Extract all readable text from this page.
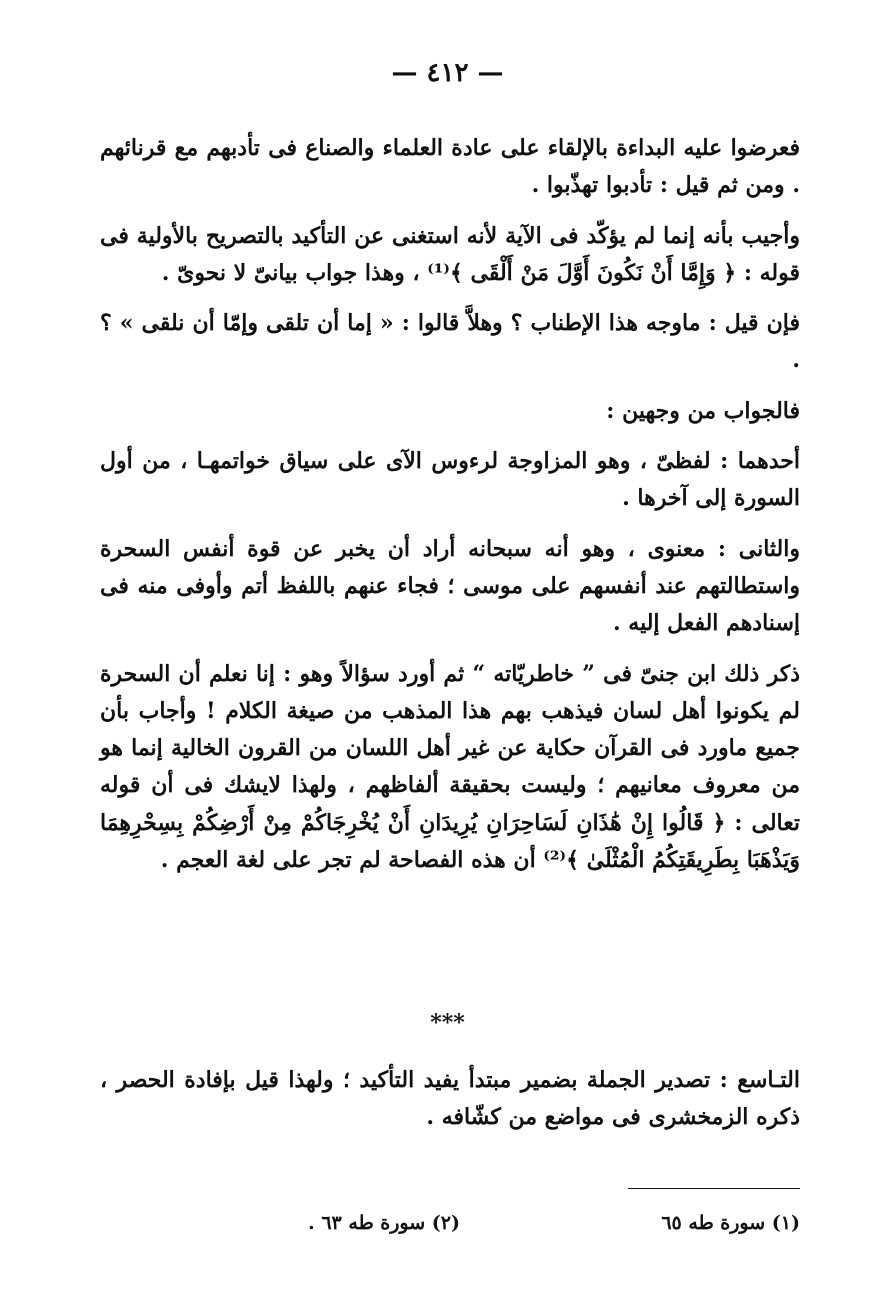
— ٤١٢ —

فعرضوا عليه البداءة بالإلقاء على عادة العلماء والصناع فى تأدبهم مع قرنائهم . ومن ثم قيل : تأدبوا تهذّبوا .

وأجيب بأنه إنما لم يؤكّد فى الآية لأنه استغنى عن التأكيد بالتصريح بالأولية فى قوله : ﴿ وَإِمَّا أَنْ نَكُونَ أَوَّلَ مَنْ أَلْقَى ﴾⁽¹⁾ ، وهذا جواب بيانىّ لا نحوىّ .

فإن قيل : ماوجه هذا الإطناب ؟ وهلاَّ قالوا : « إما أن تلقى وإمّا أن نلقى » ؟ .

فالجواب من وجهين :

أحدهما : لفظىّ ، وهو المزاوجة لرءوس الآى على سياق خواتمهـا ، من أول السورة إلى آخرها .

والثانى : معنوى ، وهو أنه سبحانه أراد أن يخبر عن قوة أنفس السحرة واستطالتهم عند أنفسهم على موسى ؛ فجاء عنهم باللفظ أتم وأوفى منه فى إسنادهم الفعل إليه .

ذكر ذلك ابن جنىّ فى ” خاطريّاته “ ثم أورد سؤالاً وهو : إنا نعلم أن السحرة لم يكونوا أهل لسان فيذهب بهم هذا المذهب من صيغة الكلام ! وأجاب بأن جميع ماورد فى القرآن حكاية عن غير أهل اللسان من القرون الخالية إنما هو من معروف معانيهم ؛ وليست بحقيقة ألفاظهم ، ولهذا لايشك فى أن قوله تعالى : ﴿ قَالُوا إِنْ هَٰذَانِ لَسَاحِرَانِ يُرِيدَانِ أَنْ يُخْرِجَاكُمْ مِنْ أَرْضِكُمْ بِسِحْرِهِمَا وَيَذْهَبَا بِطَرِيقَتِكُمُ الْمُثْلَىٰ ﴾⁽²⁾ أن هذه الفصاحة لم تجر على لغة العجم .

***

التـاسع : تصدير الجملة بضمير مبتدأ يفيد التأكيد ؛ ولهذا قيل بإفادة الحصر ، ذكره الزمخشرى فى مواضع من كشّافه .

(١) سورة طه ٦٥
(٢) سورة طه ٦٣ .
